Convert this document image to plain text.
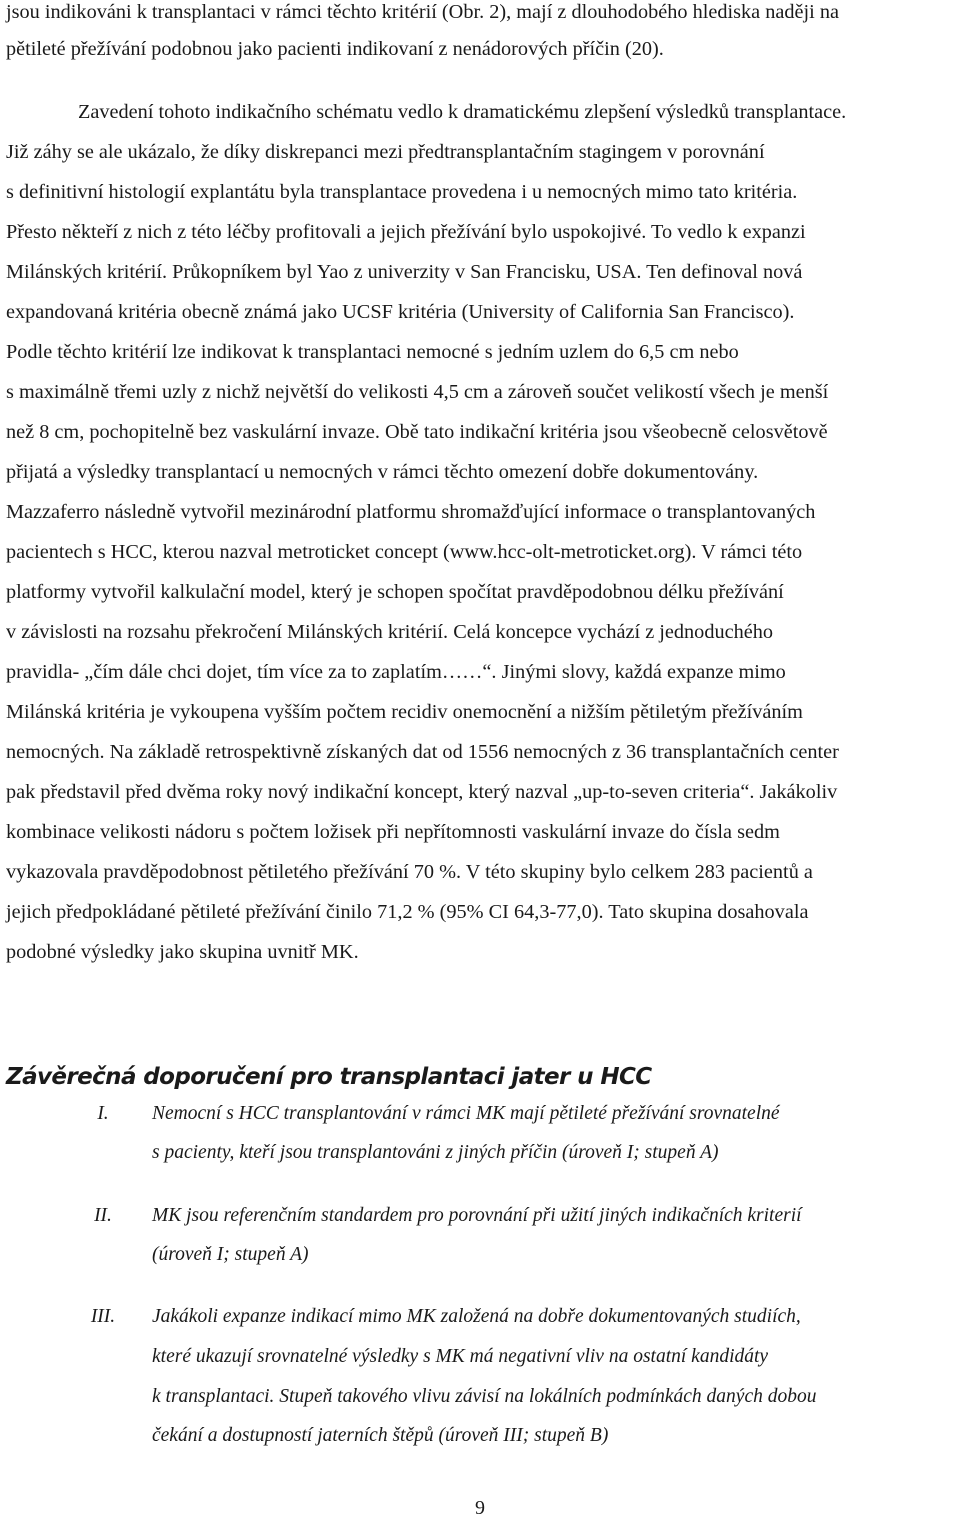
jsou indikováni k transplantaci v rámci těchto kritérií (Obr. 2), mají z dlouhodobého hlediska naději na
pětileté přežívání podobnou jako pacienti indikovaní z nenádorových příčin (20).
Zavedení tohoto indikačního schématu vedlo k dramatickému zlepšení výsledků transplantace.
Již záhy se ale ukázalo, že díky diskrepanci mezi předtransplantačním stagingem v porovnání
s definitivní histologií explantátu byla transplantace provedena i u nemocných mimo tato kritéria.
Přesto někteří z nich z této léčby profitovali a jejich přežívání bylo uspokojivé. To vedlo k expanzi
Milánských kritérií. Průkopníkem byl Yao z univerzity v San Francisku, USA. Ten definoval nová
expandovaná kritéria obecně známá jako UCSF kritéria (University of California San Francisco).
Podle těchto kritérií lze indikovat k transplantaci nemocné s jedním uzlem do 6,5 cm nebo
s maximálně třemi uzly z nichž největší do velikosti 4,5 cm a zároveň součet velikostí všech je menší
než 8 cm, pochopitelně bez vaskulární invaze. Obě tato indikační kritéria jsou všeobecně celosvětově
přijatá a výsledky transplantací u nemocných v rámci těchto omezení dobře dokumentovány.
Mazzaferro následně vytvořil mezinárodní platformu shromažďující informace o transplantovaných
pacientech s HCC, kterou nazval metroticket concept (www.hcc-olt-metroticket.org). V rámci této
platformy vytvořil kalkulační model, který je schopen spočítat pravděpodobnou délku přežívání
v závislosti na rozsahu překročení Milánských kritérií. Celá koncepce vychází z jednoduchého
pravidla- „čím dále chci dojet, tím více za to zaplatím……“. Jinými slovy, každá expanze mimo
Milánská kritéria je vykoupena vyšším počtem recidiv onemocnění a nižším pětiletým přežíváním
nemocných. Na základě retrospektivně získaných dat od 1556 nemocných z 36 transplantačních center
pak představil před dvěma roky nový indikační koncept, který nazval „up-to-seven criteria“. Jakákoliv
kombinace velikosti nádoru s počtem ložisek při nepřítomnosti vaskulární invaze do čísla sedm
vykazovala pravděpodobnost pětiletého přežívání 70 %. V této skupiny bylo celkem 283 pacientů a
jejich předpokládané pětileté přežívání činilo 71,2 % (95% CI 64,3-77,0). Tato skupina dosahovala
podobné výsledky jako skupina uvnitř MK.
Závěrečná doporučení pro transplantaci jater u HCC
I.	Nemocní s HCC transplantování v rámci MK mají pětileté přežívání srovnatelné
s pacienty, kteří jsou transplantováni z jiných příčin (úroveň I; stupeň A)
II.	MK jsou referenčním standardem pro porovnání při užití jiných indikačních kriterií
(úroveň I; stupeň A)
III.	Jakákoli expanze indikací mimo MK založená na dobře dokumentovaných studiích,
které ukazují srovnatelné výsledky s MK má negativní vliv na ostatní kandidáty
k transplantaci. Stupeň takového vlivu závisí na lokálních podmínkách daných dobou
čekání a dostupností jaterních štěpů (úroveň III; stupeň B)
9
